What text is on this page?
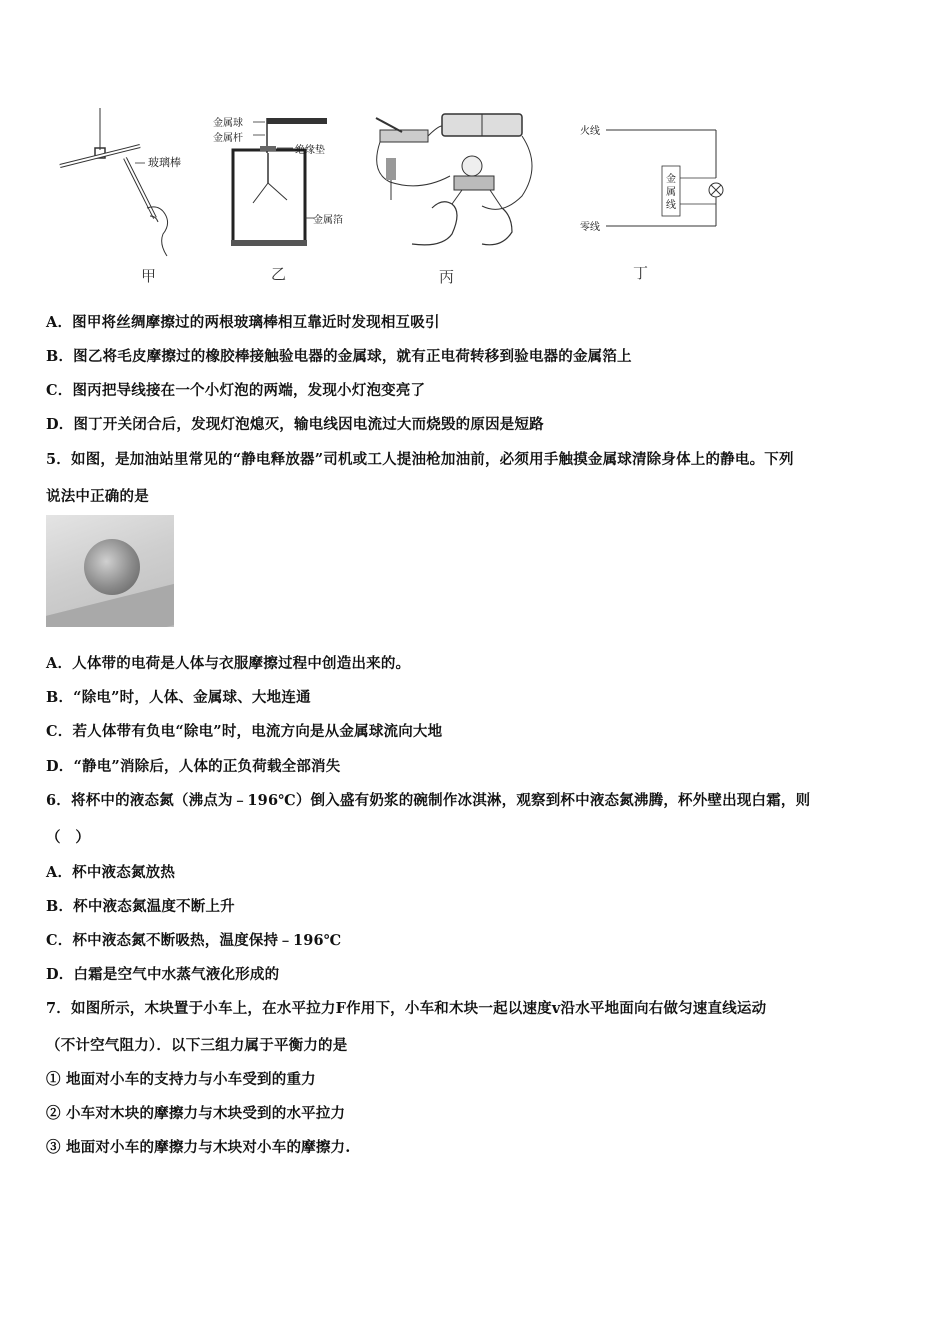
玻璃棒
甲
金属球
金属杆
绝缘垫
金属箔
乙	丙
火线
金
属
线
零线
丁
A．图甲将丝绸摩擦过的两根玻璃棒相互靠近时发现相互吸引
B．图乙将毛皮摩擦过的橡胶棒接触验电器的金属球，就有正电荷转移到验电器的金属箔上
C．图丙把导线接在一个小灯泡的两端，发现小灯泡变亮了
D．图丁开关闭合后，发现灯泡熄灭，输电线因电流过大而烧毁的原因是短路
5．如图，是加油站里常见的“静电释放器”司机或工人提油枪加油前，必须用手触摸金属球清除身体上的静电。下列
说法中正确的是
A．人体带的电荷是人体与衣服摩擦过程中创造出来的。
B．“除电”时，人体、金属球、大地连通
C．若人体带有负电“除电”时，电流方向是从金属球流向大地
D．“静电”消除后，人体的正负荷载全部消失
6．将杯中的液态氮（沸点为﹣196℃）倒入盛有奶浆的碗制作冰淇淋，观察到杯中液态氮沸腾，杯外壁出现白霜，则
（　）
A．杯中液态氮放热
B．杯中液态氮温度不断上升
C．杯中液态氮不断吸热，温度保持﹣196℃
D．白霜是空气中水蒸气液化形成的
7．如图所示，木块置于小车上，在水平拉力F作用下，小车和木块一起以速度v沿水平地面向右做匀速直线运动
（不计空气阻力）．以下三组力属于平衡力的是
① 地面对小车的支持力与小车受到的重力
② 小车对木块的摩擦力与木块受到的水平拉力
③ 地面对小车的摩擦力与木块对小车的摩擦力.
